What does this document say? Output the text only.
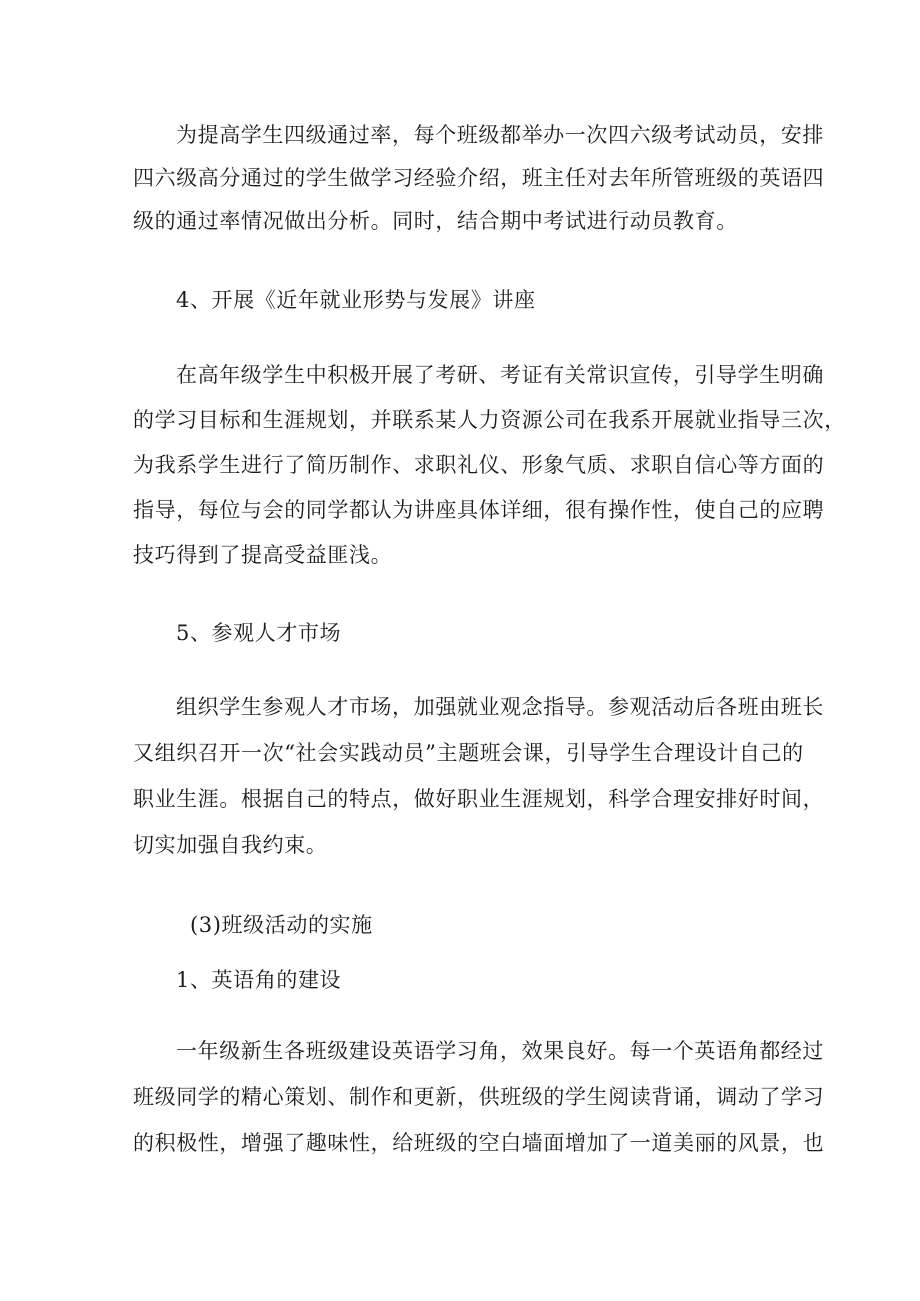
为提高学生四级通过率，每个班级都举办一次四六级考试动员，安排

四六级高分通过的学生做学习经验介绍，班主任对去年所管班级的英语四

级的通过率情况做出分析。同时，结合期中考试进行动员教育。

4、开展《近年就业形势与发展》讲座

在高年级学生中积极开展了考研、考证有关常识宣传，引导学生明确

的学习目标和生涯规划，并联系某人力资源公司在我系开展就业指导三次，

为我系学生进行了简历制作、求职礼仪、形象气质、求职自信心等方面的

指导，每位与会的同学都认为讲座具体详细，很有操作性，使自己的应聘

技巧得到了提高受益匪浅。

5、参观人才市场

组织学生参观人才市场，加强就业观念指导。参观活动后各班由班长

又组织召开一次“社会实践动员”主题班会课，引导学生合理设计自己的

职业生涯。根据自己的特点，做好职业生涯规划，科学合理安排好时间，

切实加强自我约束。

(3)班级活动的实施

1、英语角的建设

一年级新生各班级建设英语学习角，效果良好。每一个英语角都经过

班级同学的精心策划、制作和更新，供班级的学生阅读背诵，调动了学习

的积极性，增强了趣味性，给班级的空白墙面增加了一道美丽的风景，也
